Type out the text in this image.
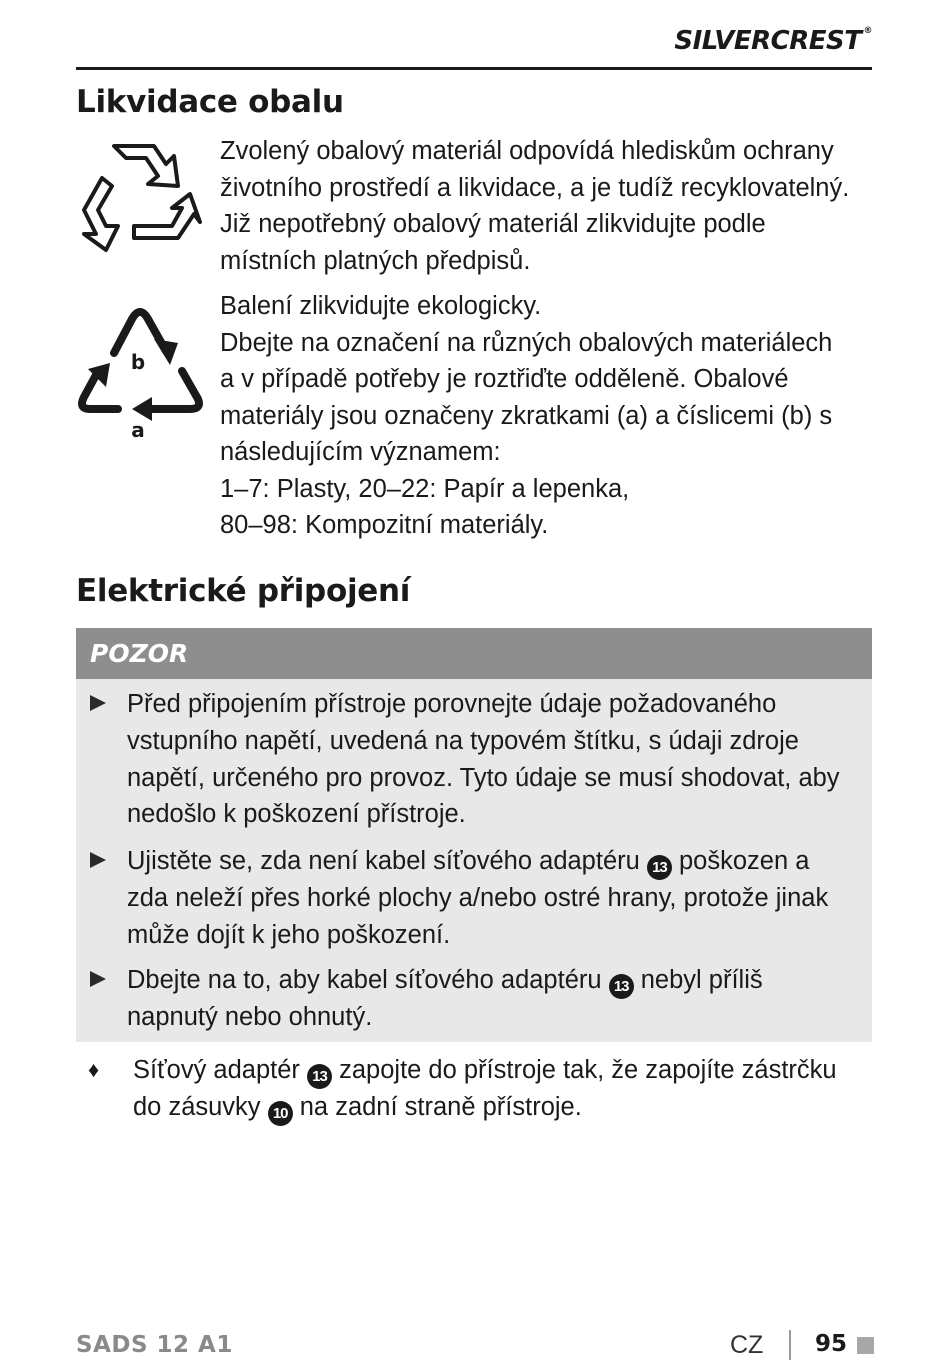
SILVERCREST ®
Likvidace obalu
Zvolený obalový materiál odpovídá hlediskům ochrany
životního prostředí a likvidace, a je tudíž recyklovatelný.
Již nepotřebný obalový materiál zlikvidujte podle
místních platných předpisů.
b
a
Balení zlikvidujte ekologicky.
Dbejte na označení na různých obalových materiálech
a v případě potřeby je roztřiďte odděleně. Obalové
materiály jsou označeny zkratkami (a) a číslicemi (b) s
následujícím významem:
1–7: Plasty, 20–22: Papír a lepenka,
80–98: Kompozitní materiály.
Elektrické připojení
POZOR
Před připojením přístroje porovnejte údaje požadovaného
vstupního napětí, uvedená na typovém štítku, s údaji zdroje
napětí, určeného pro provoz. Tyto údaje se musí shodovat, aby
nedošlo k poškození přístroje.
Ujistěte se, zda není kabel síťového adaptéru 13 poškozen a
zda neleží přes horké plochy a/nebo ostré hrany, protože jinak
může dojít k jeho poškození.
Dbejte na to, aby kabel síťového adaptéru 13 nebyl příliš
napnutý nebo ohnutý.
♦ Síťový adaptér 13 zapojte do přístroje tak, že zapojíte zástrčku
do zásuvky 10 na zadní straně přístroje.
SADS 12 A1	CZ 95
